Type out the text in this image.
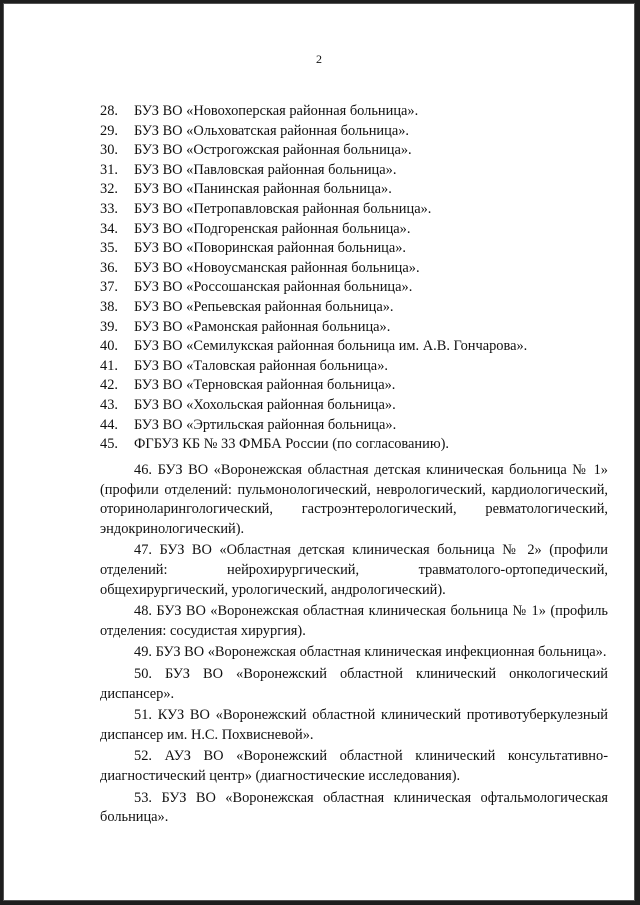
2
28.	БУЗ ВО «Новохоперская районная больница».
29.	БУЗ ВО «Ольховатская районная больница».
30.	БУЗ ВО «Острогожская районная больница».
31.	БУЗ ВО «Павловская районная больница».
32.	БУЗ ВО «Панинская районная больница».
33.	БУЗ ВО «Петропавловская районная больница».
34.	БУЗ ВО «Подгоренская районная больница».
35.	БУЗ ВО «Поворинская районная больница».
36.	БУЗ ВО «Новоусманская районная больница».
37.	БУЗ ВО «Россошанская районная больница».
38.	БУЗ ВО «Репьевская районная больница».
39.	БУЗ ВО «Рамонская районная больница».
40.	БУЗ ВО «Семилукская районная больница им. А.В. Гончарова».
41.	БУЗ ВО «Таловская районная больница».
42.	БУЗ ВО «Терновская районная больница».
43.	БУЗ ВО «Хохольская районная больница».
44.	БУЗ ВО «Эртильская районная больница».
45.	ФГБУЗ КБ № 33 ФМБА России (по согласованию).

46. БУЗ ВО «Воронежская областная детская клиническая больница № 1» (профили отделений: пульмонологический, неврологический, кардиологический, оториноларингологический, гастроэнтерологический, ревматологический, эндокринологический).

47. БУЗ ВО «Областная детская клиническая больница № 2» (профили отделений: нейрохирургический, травматолого-ортопедический, общехирургический, урологический, андрологический).

48. БУЗ ВО «Воронежская областная клиническая больница № 1» (профиль отделения: сосудистая хирургия).

49. БУЗ ВО «Воронежская областная клиническая инфекционная больница».

50. БУЗ ВО «Воронежский областной клинический онкологический диспансер».

51. КУЗ ВО «Воронежский областной клинический противотуберкулезный диспансер им. Н.С. Похвисневой».

52. АУЗ ВО «Воронежский областной клинический консультативно-диагностический центр» (диагностические исследования).

53. БУЗ ВО «Воронежская областная клиническая офтальмологическая больница».
